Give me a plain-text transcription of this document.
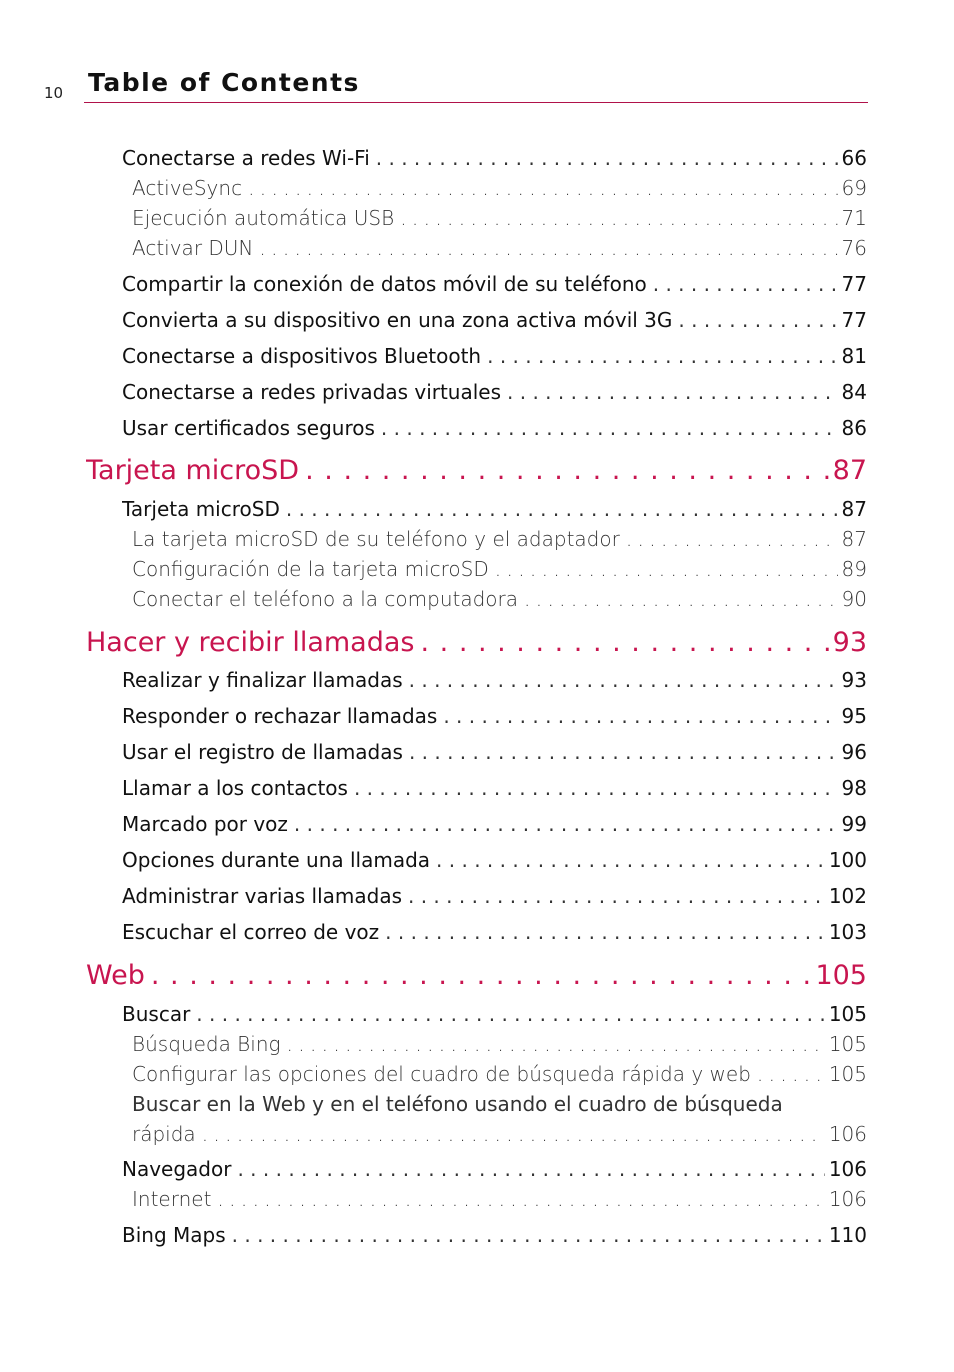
10 Table of Contents
Conectarse a redes Wi-Fi . . .	66
ActiveSync . . .	69
Ejecución automática USB . . .	71
Activar DUN . . .	76
Compartir la conexión de datos móvil de su teléfono . . .	77
Convierta a su dispositivo en una zona activa móvil 3G . . .	77
Conectarse a dispositivos Bluetooth . . .	81
Conectarse a redes privadas virtuales . . .	84
Usar certificados seguros . . .	86
Tarjeta microSD . . .	87
Tarjeta microSD . . .	87
La tarjeta microSD de su teléfono y el adaptador . . .	87
Configuración de la tarjeta microSD . . .	89
Conectar el teléfono a la computadora . . .	90
Hacer y recibir llamadas . . .	93
Realizar y finalizar llamadas . . .	93
Responder o rechazar llamadas . . .	95
Usar el registro de llamadas . . .	96
Llamar a los contactos . . .	98
Marcado por voz . . .	99
Opciones durante una llamada . . .	100
Administrar varias llamadas . . .	102
Escuchar el correo de voz . . .	103
Web . . .	105
Buscar . . .	105
Búsqueda Bing . . .	105
Configurar las opciones del cuadro de búsqueda rápida y web . . .	105
Buscar en la Web y en el teléfono usando el cuadro de búsqueda
rápida . . .	106
Navegador . . .	106
Internet . . .	106
Bing Maps . . .	110
